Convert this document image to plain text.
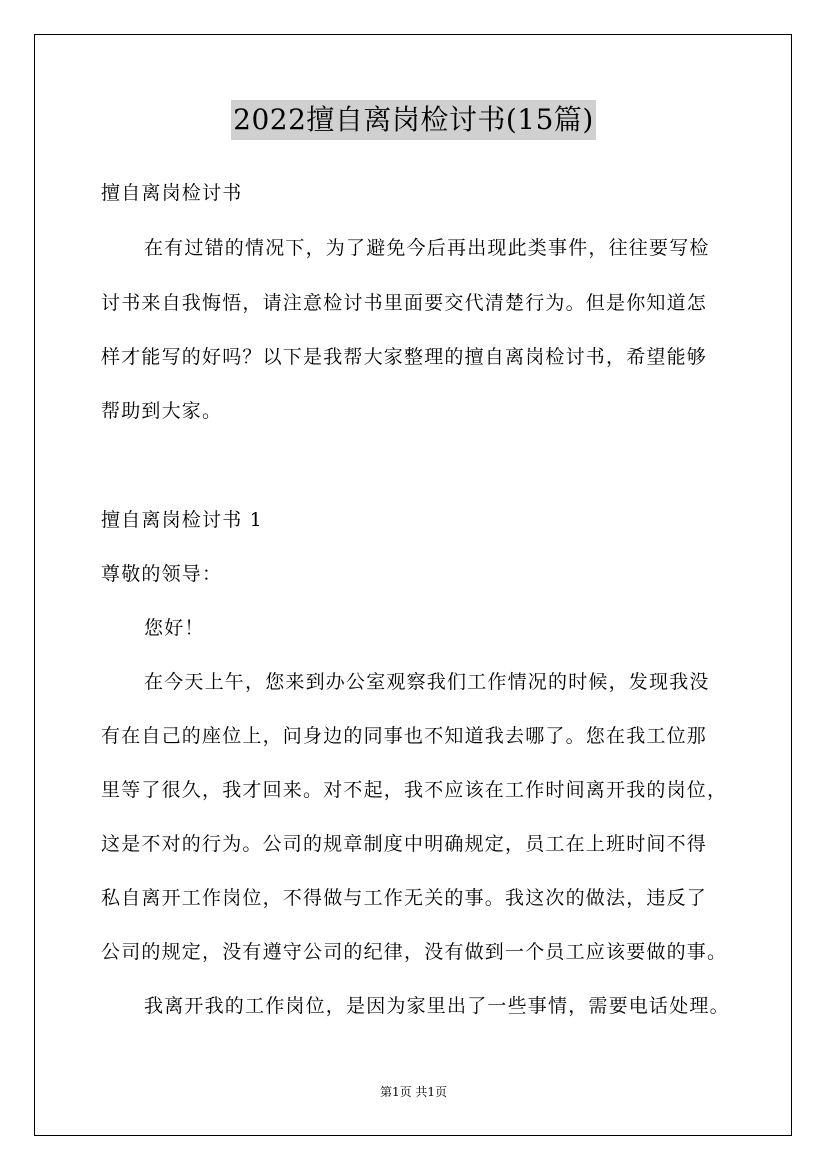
2022擅自离岗检讨书(15篇)
擅自离岗检讨书
在有过错的情况下，为了避免今后再出现此类事件，往往要写检
讨书来自我悔悟，请注意检讨书里面要交代清楚行为。但是你知道怎
样才能写的好吗？以下是我帮大家整理的擅自离岗检讨书，希望能够
帮助到大家。
擅自离岗检讨书 1
尊敬的领导：
您好！
在今天上午，您来到办公室观察我们工作情况的时候，发现我没
有在自己的座位上，问身边的同事也不知道我去哪了。您在我工位那
里等了很久，我才回来。对不起，我不应该在工作时间离开我的岗位，
这是不对的行为。公司的规章制度中明确规定，员工在上班时间不得
私自离开工作岗位，不得做与工作无关的事。我这次的做法，违反了
公司的规定，没有遵守公司的纪律，没有做到一个员工应该要做的事。
我离开我的工作岗位，是因为家里出了一些事情，需要电话处理。
第1页 共1页
